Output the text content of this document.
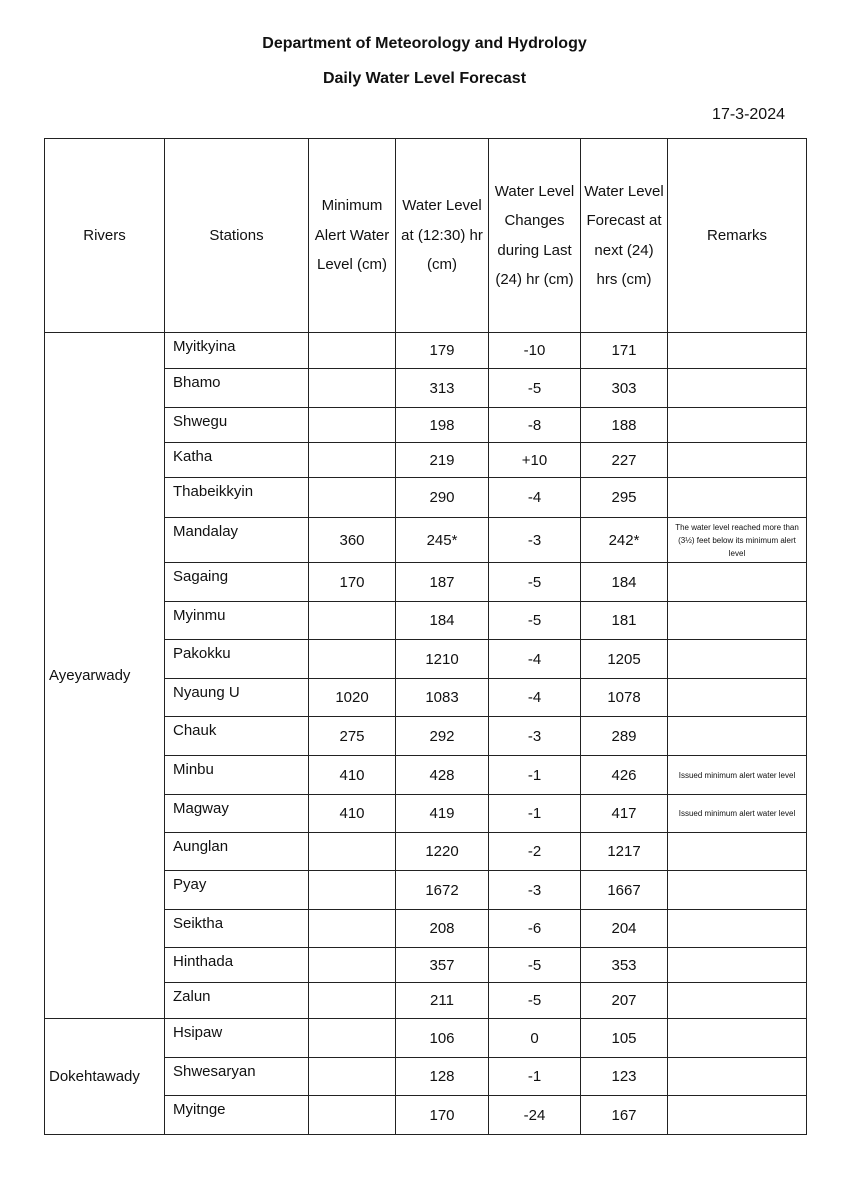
Department of Meteorology and Hydrology
Daily Water Level Forecast
17-3-2024
Rivers	Stations	Minimum Alert Water Level (cm)	Water Level at (12:30) hr (cm)	Water Level Changes during Last (24) hr (cm)	Water Level Forecast at next (24) hrs (cm)	Remarks
Ayeyarwady	Myitkyina		179	-10	171	
	Bhamo		313	-5	303	
	Shwegu		198	-8	188	
	Katha		219	+10	227	
	Thabeikkyin		290	-4	295	
	Mandalay	360	245*	-3	242*	The water level reached more than (3½) feet below its minimum alert level
	Sagaing	170	187	-5	184	
	Myinmu		184	-5	181	
	Pakokku		1210	-4	1205	
	Nyaung U	1020	1083	-4	1078	
	Chauk	275	292	-3	289	
	Minbu	410	428	-1	426	Issued minimum alert water level
	Magway	410	419	-1	417	Issued minimum alert water level
	Aunglan		1220	-2	1217	
	Pyay		1672	-3	1667	
	Seiktha		208	-6	204	
	Hinthada		357	-5	353	
	Zalun		211	-5	207	
Dokehtawady	Hsipaw		106	0	105	
	Shwesaryan		128	-1	123	
	Myitnge		170	-24	167	
